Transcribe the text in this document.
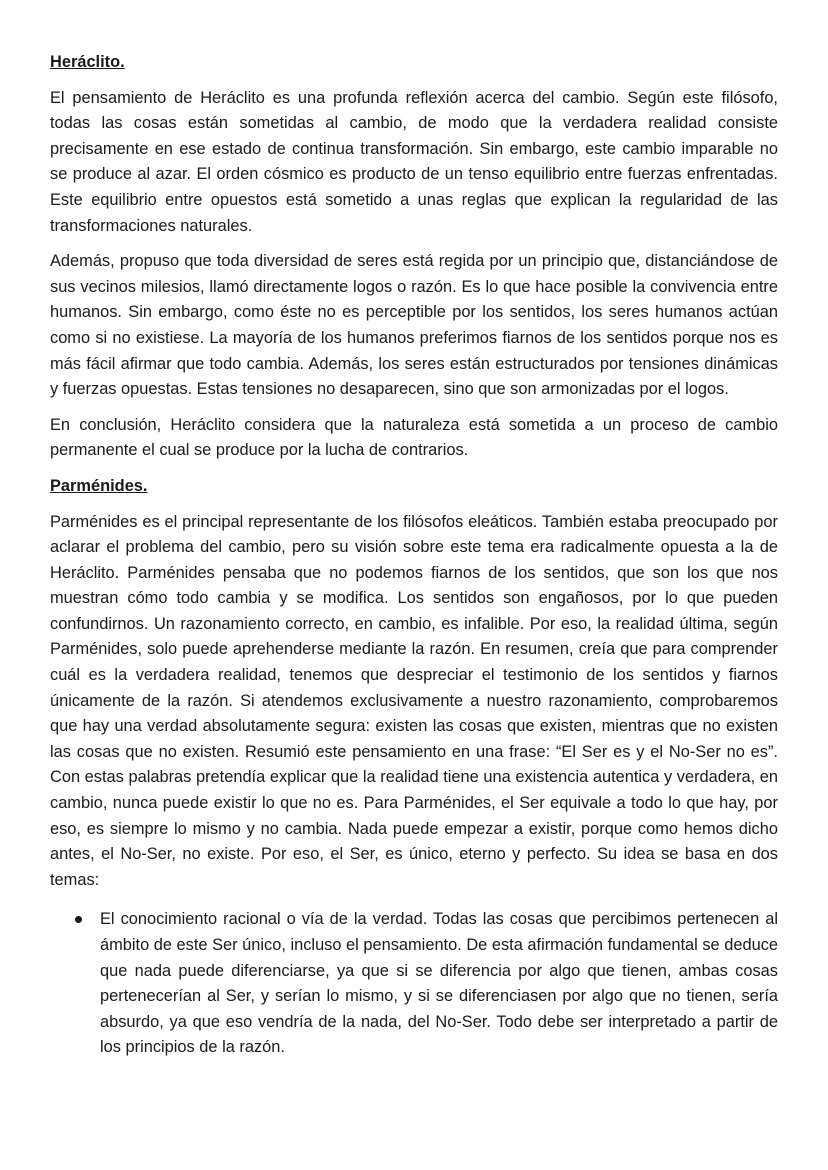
Heráclito.

El pensamiento de Heráclito es una profunda reflexión acerca del cambio. Según este filósofo, todas las cosas están sometidas al cambio, de modo que la verdadera realidad consiste precisamente en ese estado de continua transformación. Sin embargo, este cambio imparable no se produce al azar. El orden cósmico es producto de un tenso equilibrio entre fuerzas enfrentadas. Este equilibrio entre opuestos está sometido a unas reglas que explican la regularidad de las transformaciones naturales.

Además, propuso que toda diversidad de seres está regida por un principio que, distanciándose de sus vecinos milesios, llamó directamente logos o razón. Es lo que hace posible la convivencia entre humanos. Sin embargo, como éste no es perceptible por los sentidos, los seres humanos actúan como si no existiese. La mayoría de los humanos preferimos fiarnos de los sentidos porque nos es más fácil afirmar que todo cambia. Además, los seres están estructurados por tensiones dinámicas y fuerzas opuestas. Estas tensiones no desaparecen, sino que son armonizadas por el logos.

En conclusión, Heráclito considera que la naturaleza está sometida a un proceso de cambio permanente el cual se produce por la lucha de contrarios.

Parménides.

Parménides es el principal representante de los filósofos eleáticos. También estaba preocupado por aclarar el problema del cambio, pero su visión sobre este tema era radicalmente opuesta a la de Heráclito. Parménides pensaba que no podemos fiarnos de los sentidos, que son los que nos muestran cómo todo cambia y se modifica. Los sentidos son engañosos, por lo que pueden confundirnos. Un razonamiento correcto, en cambio, es infalible. Por eso, la realidad última, según Parménides, solo puede aprehenderse mediante la razón. En resumen, creía que para comprender cuál es la verdadera realidad, tenemos que despreciar el testimonio de los sentidos y fiarnos únicamente de la razón. Si atendemos exclusivamente a nuestro razonamiento, comprobaremos que hay una verdad absolutamente segura: existen las cosas que existen, mientras que no existen las cosas que no existen. Resumió este pensamiento en una frase: “El Ser es y el No-Ser no es”. Con estas palabras pretendía explicar que la realidad tiene una existencia autentica y verdadera, en cambio, nunca puede existir lo que no es. Para Parménides, el Ser equivale a todo lo que hay, por eso, es siempre lo mismo y no cambia. Nada puede empezar a existir, porque como hemos dicho antes, el No-Ser, no existe. Por eso, el Ser, es único, eterno y perfecto. Su idea se basa en dos temas:

El conocimiento racional o vía de la verdad. Todas las cosas que percibimos pertenecen al ámbito de este Ser único, incluso el pensamiento. De esta afirmación fundamental se deduce que nada puede diferenciarse, ya que si se diferencia por algo que tienen, ambas cosas pertenecerían al Ser, y serían lo mismo, y si se diferenciasen por algo que no tienen, sería absurdo, ya que eso vendría de la nada, del No-Ser. Todo debe ser interpretado a partir de los principios de la razón.
